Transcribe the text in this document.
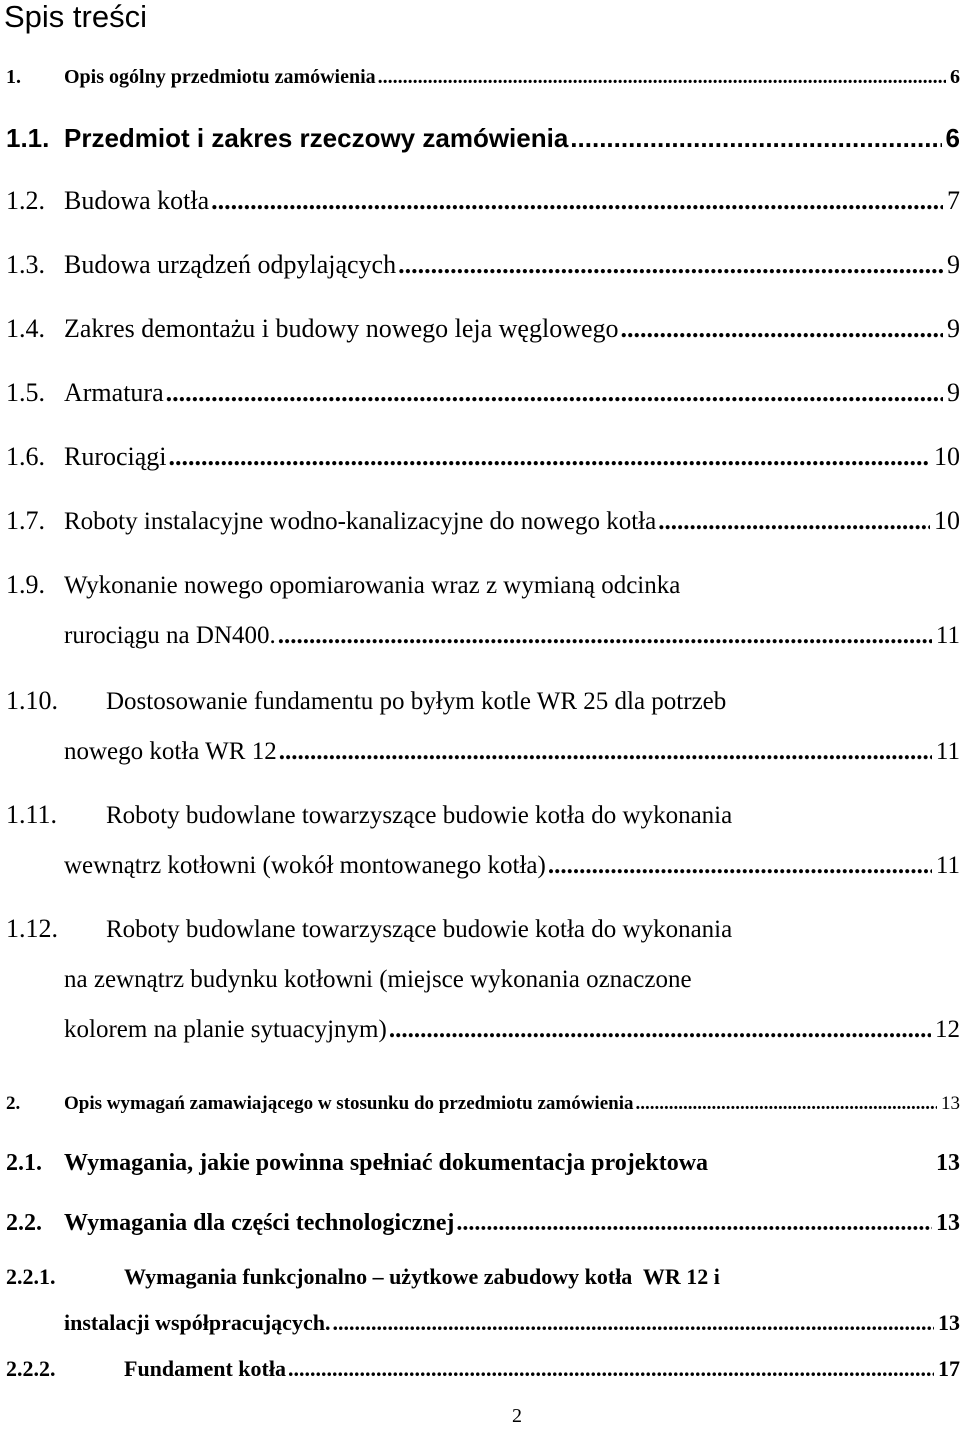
Spis treści
1.	Opis ogólny przedmiotu zamówienia .....	6
1.1. Przedmiot i zakres rzeczowy zamówienia .....	6
1.2. Budowa kotła .....	7
1.3. Budowa urządzeń odpylających .....	9
1.4. Zakres demontażu i budowy nowego leja węglowego .....	9
1.5. Armatura .....	9
1.6. Rurociągi .....	10
1.7. Roboty instalacyjne wodno-kanalizacyjne do nowego kotła .....	10
1.9. Wykonanie nowego opomiarowania wraz z wymianą odcinka
rurociągu na DN400. .....	11
1.10.	Dostosowanie fundamentu po byłym kotle WR 25 dla potrzeb
nowego kotła WR 12 .....	11
1.11.	Roboty budowlane towarzyszące budowie kotła do wykonania
wewnątrz kotłowni (wokół montowanego kotła) .....	11
1.12.	Roboty budowlane towarzyszące budowie kotła do wykonania
na zewnątrz budynku kotłowni (miejsce wykonania oznaczone
kolorem na planie sytuacyjnym) .....	12
2.	Opis wymagań zamawiającego w stosunku do przedmiotu zamówienia .....	13
2.1. Wymagania, jakie powinna spełniać dokumentacja projektowa	13
2.2. Wymagania dla części technologicznej .....	13
2.2.1.	Wymagania funkcjonalno – użytkowe zabudowy kotła  WR 12 i
instalacji współpracujących. .....	13
2.2.2.	Fundament kotła .....	17
2
